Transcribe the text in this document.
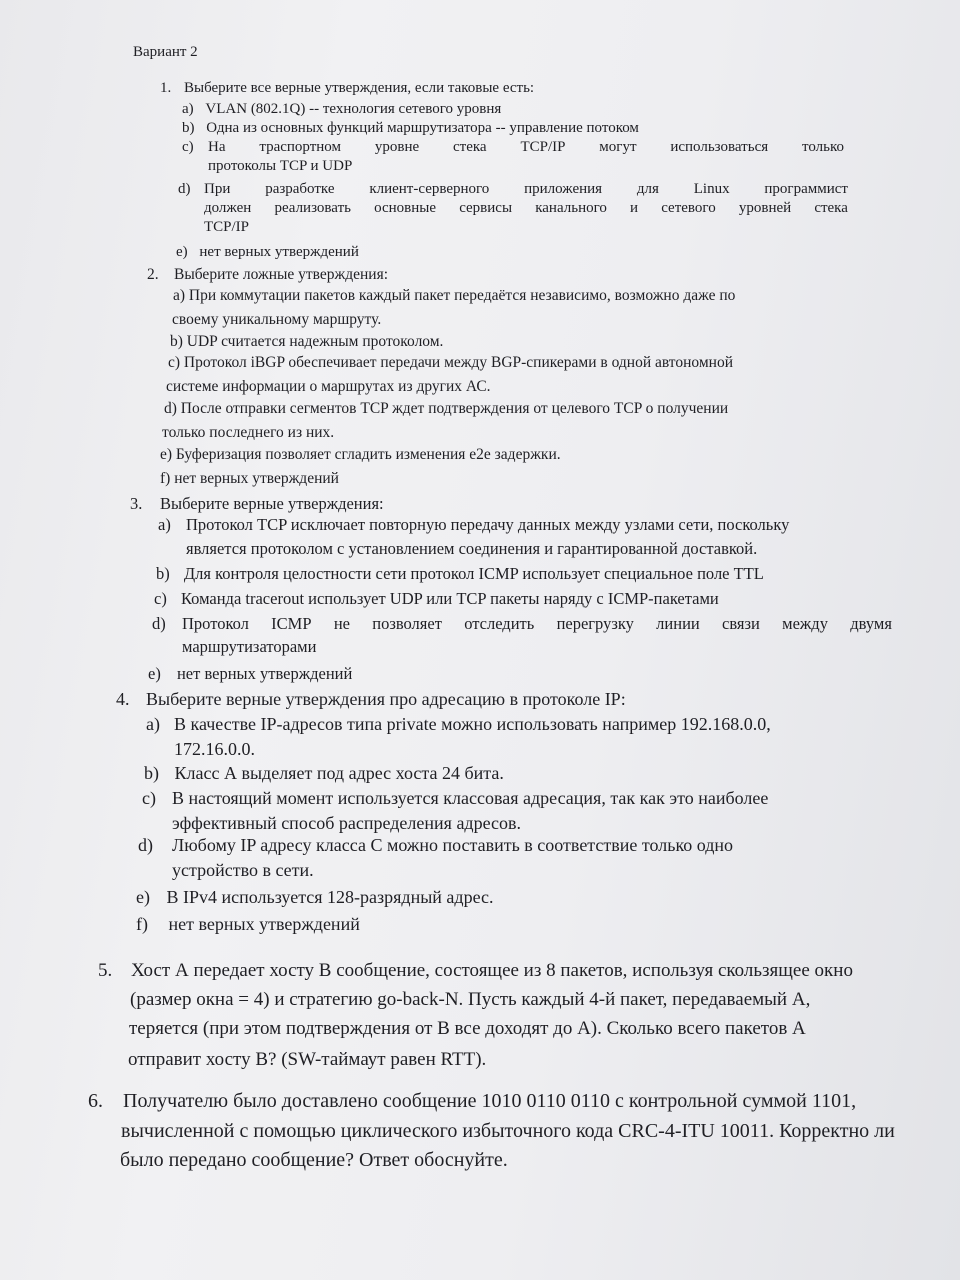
Вариант 2
1. Выберите все верные утверждения, если таковые есть:
a) VLAN (802.1Q) -- технология сетевого уровня
b) Одна из основных функций маршрутизатора -- управление потоком
c) На траспортном уровне стека TCP/IP могут использоваться только
протоколы TCP и UDP
d) При разработке клиент-серверного приложения для Linux программист
должен реализовать основные сервисы канального и сетевого уровней стека
TCP/IP
e) нет верных утверждений
2. Выберите ложные утверждения:
а) При коммутации пакетов каждый пакет передаётся независимо, возможно даже по
своему уникальному маршруту.
b) UDP считается надежным протоколом.
c) Протокол iBGP обеспечивает передачи между BGP-спикерами в одной автономной
системе информации о маршрутах из других АС.
d) После отправки сегментов TCP ждет подтверждения от целевого TCP о получении
только последнего из них.
e) Буферизация позволяет сгладить изменения e2e задержки.
f) нет верных утверждений
3. Выберите верные утверждения:
a) Протокол TCP исключает повторную передачу данных между узлами сети, поскольку
является протоколом с установлением соединения и гарантированной доставкой.
b) Для контроля целостности сети протокол ICMP использует специальное поле TTL
c) Команда tracerout использует UDP или TCP пакеты наряду с ICMP-пакетами
d) Протокол ICMP не позволяет отследить перегрузку линии связи между двумя
маршрутизаторами
e) нет верных утверждений
4. Выберите верные утверждения про адресацию в протоколе IP:
a) В качестве IP-адресов типа private можно использовать например 192.168.0.0,
172.16.0.0.
b) Класс А выделяет под адрес хоста 24 бита.
c) В настоящий момент используется классовая адресация, так как это наиболее
эффективный способ распределения адресов.
d) Любому IP адресу класса С можно поставить в соответствие только одно
устройство в сети.
e) В IPv4 используется 128-разрядный адрес.
f) нет верных утверждений
5. Хост А передает хосту В сообщение, состоящее из 8 пакетов, используя скользящее окно
(размер окна = 4) и стратегию go-back-N. Пусть каждый 4-й пакет, передаваемый А,
теряется (при этом подтверждения от В все доходят до А). Сколько всего пакетов А
отправит хосту В? (SW-таймаут равен RTT).
6. Получателю было доставлено сообщение 1010 0110 0110 с контрольной суммой 1101,
вычисленной с помощью циклического избыточного кода CRC-4-ITU 10011. Корректно ли
было передано сообщение? Ответ обоснуйте.
